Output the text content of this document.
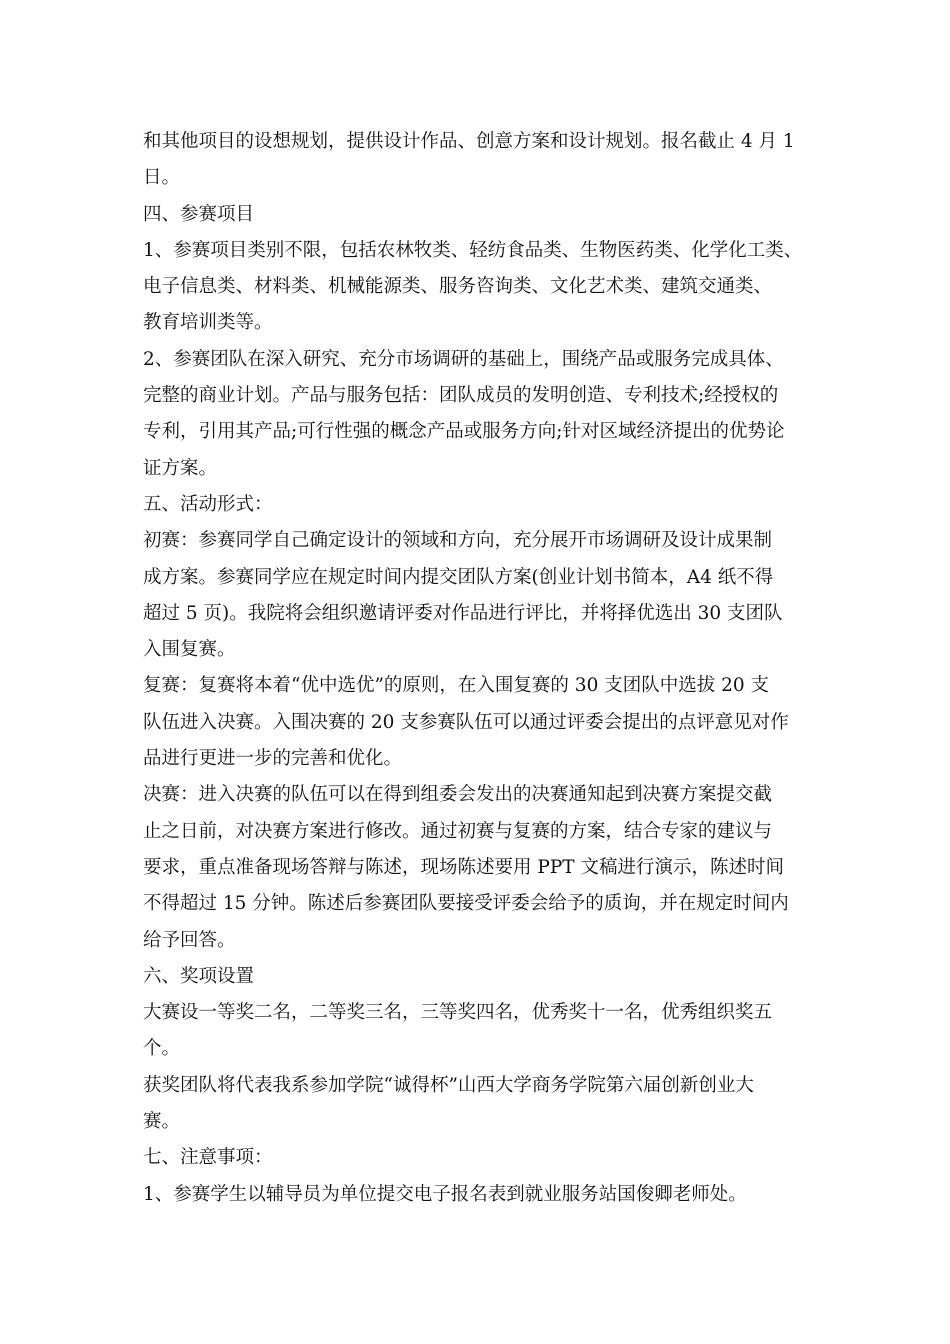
和其他项目的设想规划，提供设计作品、创意方案和设计规划。报名截止 4 月 1
日。
四、参赛项目
1、参赛项目类别不限，包括农林牧类、轻纺食品类、生物医药类、化学化工类、
电子信息类、材料类、机械能源类、服务咨询类、文化艺术类、建筑交通类、
教育培训类等。
2、参赛团队在深入研究、充分市场调研的基础上，围绕产品或服务完成具体、
完整的商业计划。产品与服务包括：团队成员的发明创造、专利技术;经授权的
专利，引用其产品;可行性强的概念产品或服务方向;针对区域经济提出的优势论
证方案。
五、活动形式：
初赛：参赛同学自己确定设计的领域和方向，充分展开市场调研及设计成果制
成方案。参赛同学应在规定时间内提交团队方案(创业计划书简本，A4 纸不得
超过 5 页)。我院将会组织邀请评委对作品进行评比，并将择优选出 30 支团队
入围复赛。
复赛：复赛将本着“优中选优”的原则，在入围复赛的 30 支团队中选拔 20 支
队伍进入决赛。入围决赛的 20 支参赛队伍可以通过评委会提出的点评意见对作
品进行更进一步的完善和优化。
决赛：进入决赛的队伍可以在得到组委会发出的决赛通知起到决赛方案提交截
止之日前，对决赛方案进行修改。通过初赛与复赛的方案，结合专家的建议与
要求，重点准备现场答辩与陈述，现场陈述要用 PPT 文稿进行演示，陈述时间
不得超过 15 分钟。陈述后参赛团队要接受评委会给予的质询，并在规定时间内
给予回答。
六、奖项设置
大赛设一等奖二名，二等奖三名，三等奖四名，优秀奖十一名，优秀组织奖五
个。
获奖团队将代表我系参加学院“诚得杯”山西大学商务学院第六届创新创业大
赛。
七、注意事项：
1、参赛学生以辅导员为单位提交电子报名表到就业服务站国俊卿老师处。
